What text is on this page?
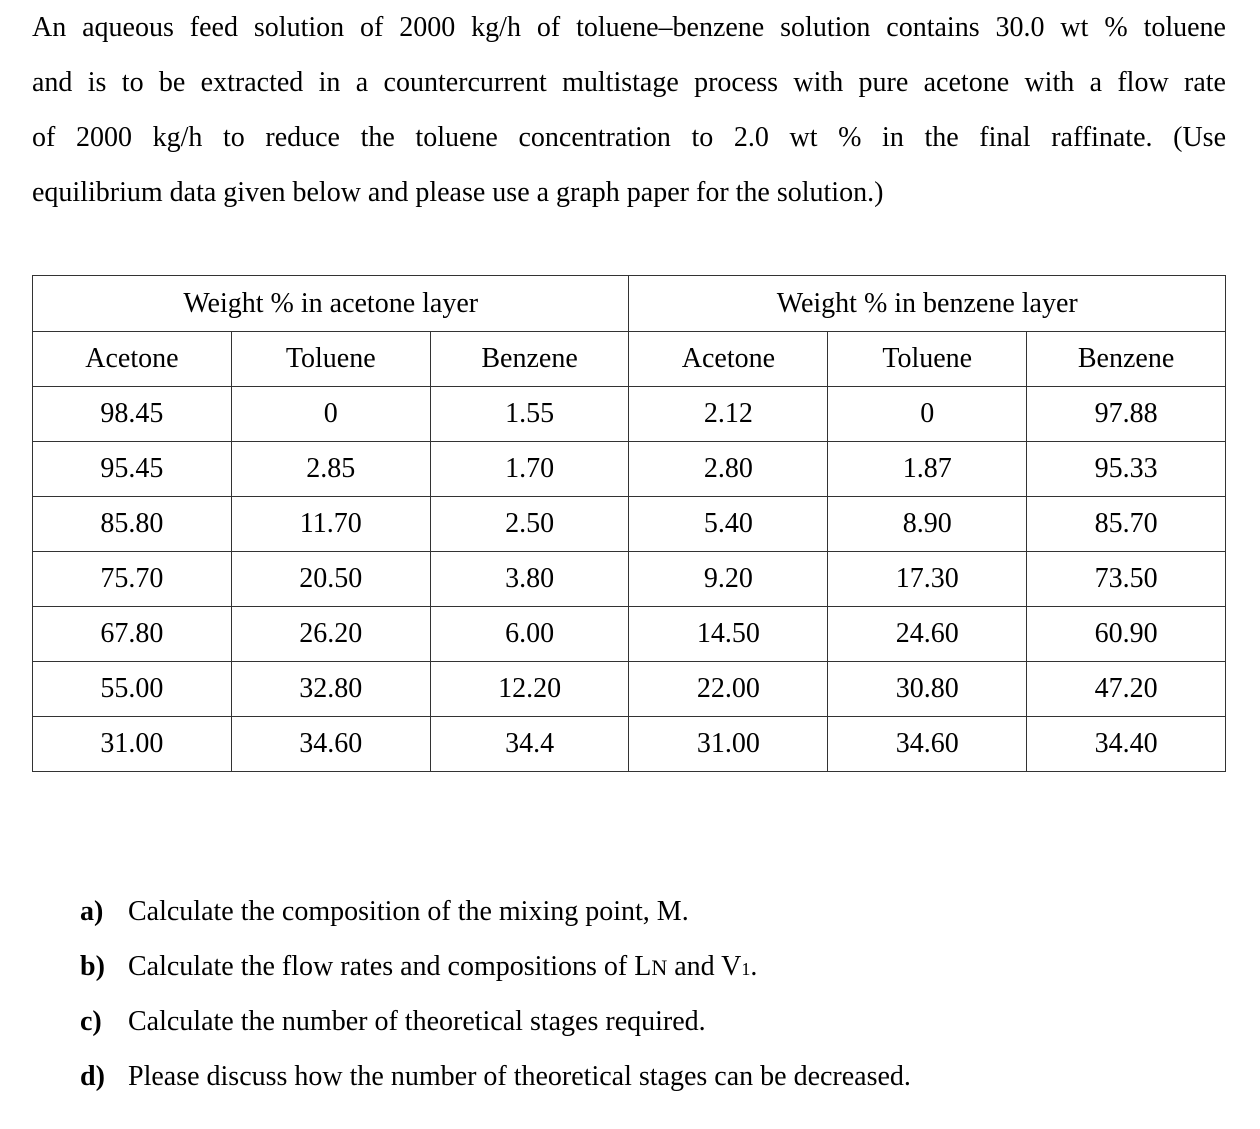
An aqueous feed solution of 2000 kg/h of toluene–benzene solution contains 30.0 wt % toluene
and is to be extracted in a countercurrent multistage process with pure acetone with a flow rate
of 2000 kg/h to reduce the toluene concentration to 2.0 wt % in the final raffinate. (Use
equilibrium data given below and please use a graph paper for the solution.)
Weight % in acetone layer			Weight % in benzene layer		
Acetone	Toluene	Benzene	Acetone	Toluene	Benzene
98.45	0	1.55	2.12	0	97.88
95.45	2.85	1.70	2.80	1.87	95.33
85.80	11.70	2.50	5.40	8.90	85.70
75.70	20.50	3.80	9.20	17.30	73.50
67.80	26.20	6.00	14.50	24.60	60.90
55.00	32.80	12.20	22.00	30.80	47.20
31.00	34.60	34.4	31.00	34.60	34.40
a) Calculate the composition of the mixing point, M.
b) Calculate the flow rates and compositions of LN and V1.
c) Calculate the number of theoretical stages required.
d) Please discuss how the number of theoretical stages can be decreased.
